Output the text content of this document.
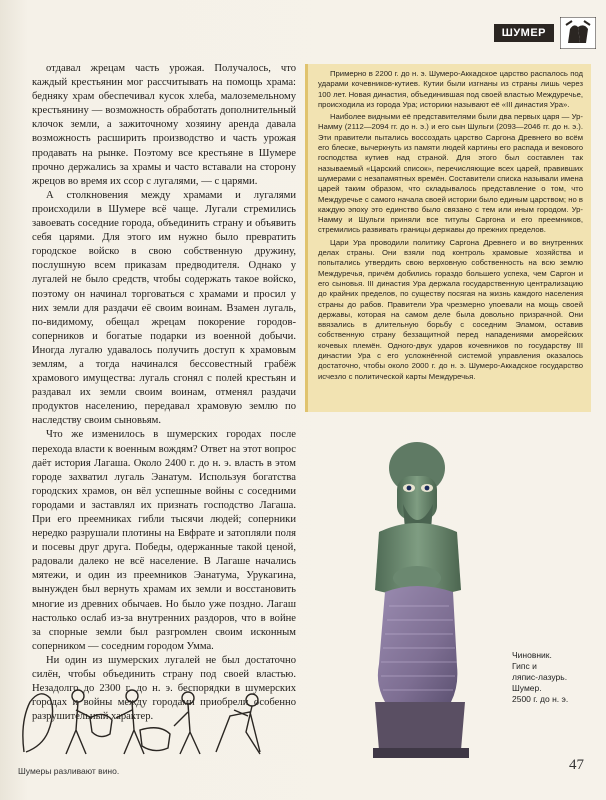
ШУМЕР

отдавал жрецам часть урожая. Получалось, что каждый крестьянин мог рассчитывать на помощь храма: беднякy храм обеспечивал кусок хлеба, малоземельному крестьянину — возможность обработать дополнительный клочок земли, а зажиточному хозяину аренда давала возможность расширить производство и часть урожая продавать на рынке. Поэтому все крестьяне в Шумере прочно держались за храмы и часто вставали на сторону жрецов во время их ссор с лугалями, — с царями.

А столкновения между храмами и лугалями происходили в Шумере всё чаще. Лугали стремились завоевать соседние города, объединить страну и объявить себя царями. Для этого им нужно было превратить городское войско в свою собственную дружину, послушную всем приказам предводителя. Однако у лугалей не было средств, чтобы содержать такое войско, поэтому он начинал торговаться с храмами и просил у них земли для раздачи её своим воинам. Взамен лугаль, по-видимому, обещал жрецам покорение городов-соперников и богатые подарки из военной добычи. Иногда лугалю удавалось получить доступ к храмовым землям, а тогда начинался бессовестный грабёж храмового имущества: лугаль сгонял с полей крестьян и раздавал их земли своим воинам, отменял раздачи продуктов населению, передавал храмовую землю по наследству своим сыновьям.

Что же изменилось в шумерских городах после перехода власти к военным вождям? Ответ на этот вопрос даёт история Лагаша. Около 2400 г. до н. э. власть в этом городе захватил лугаль Эанатум. Используя богатства городских храмов, он вёл успешные войны с соседними городами и заставлял их признать господство Лагаша. При его преемниках гибли тысячи людей; соперники нередко разрушали плотины на Евфрате и затопляли поля и посевы друг друга. Победы, одержанные такой ценой, радовали далеко не всё население. В Лагаше начались мятежи, и один из преемников Эанатума, Урукагина, вынужден был вернуть храмам их земли и восстановить многие из древних обычаев. Но было уже поздно. Лагаш настолько ослаб из-за внутренних раздоров, что в войне за спорные земли был разгромлен своим исконным соперником — соседним городом Умма.

Ни один из шумерских лугалей не был достаточно силён, чтобы объединить страну под своей властью. Незадолго до 2300 г. до н. э. беспорядки в шумерских городах и войны между городами приобрели особенно разрушительный характер.

Примерно в 2200 г. до н. э. Шумеро-Аккадское царство распалось под ударами кочевников-кутиев. Кутии были изгнаны из страны лишь через 100 лет. Новая династия, объединившая под своей властью Междуречье, происходила из города Ура; историки называют её «III династия Ура».

Наиболее видными её представителями были два первых царя — Ур-Намму (2112—2094 гг. до н. э.) и его сын Шульги (2093—2046 гг. до н. э.). Эти правители пытались воссоздать царство Саргона Древнего во всём его блеске, вычеркнуть из памяти людей картины его распада и векового господства кутиев над страной. Для этого был составлен так называемый «Царский список», перечисляющие всех царей, правивших шумерами с незапамятных времён. Составители списка называли имена царей таким образом, что складывалось представление о том, что Междуречье с самого начала своей истории было единым царством; но в каждую эпоху это единство было связано с тем или иным городом. Ур-Намму и Шульги приняли все титулы Саргона и его преемников, стремились развивать границы державы до прежних пределов.

Цари Ура проводили политику Саргона Древнего и во внутренних делах страны. Они взяли под контроль храмовые хозяйства и попытались утвердить свою верховную собственность на всю землю Междуречья, причём добились гораздо большего успеха, чем Саргон и его сыновья. III династия Ура держала государственную централизацию до крайних пределов, по существу посягая на жизнь каждого населения страны до рабов. Правители Ура чрезмерно упоевали на мощь своей державы, которая на самом деле была довольно призрачной. Они ввязались в длительную борьбу с соседним Эламом, оставив собственную страну беззащитной перед нападениями аморейских кочевых племён. Одного-двух ударов кочевников по государству III династии Ура с его усложнённой системой управления оказалось достаточно, чтобы около 2000 г. до н. э. Шумеро-Аккадское государство исчезло с политической карты Междуречья.

Чиновник.
Гипс и
ляпис-лазурь.
Шумер.
2500 г. до н. э.
Шумеры разливают вино.	47
